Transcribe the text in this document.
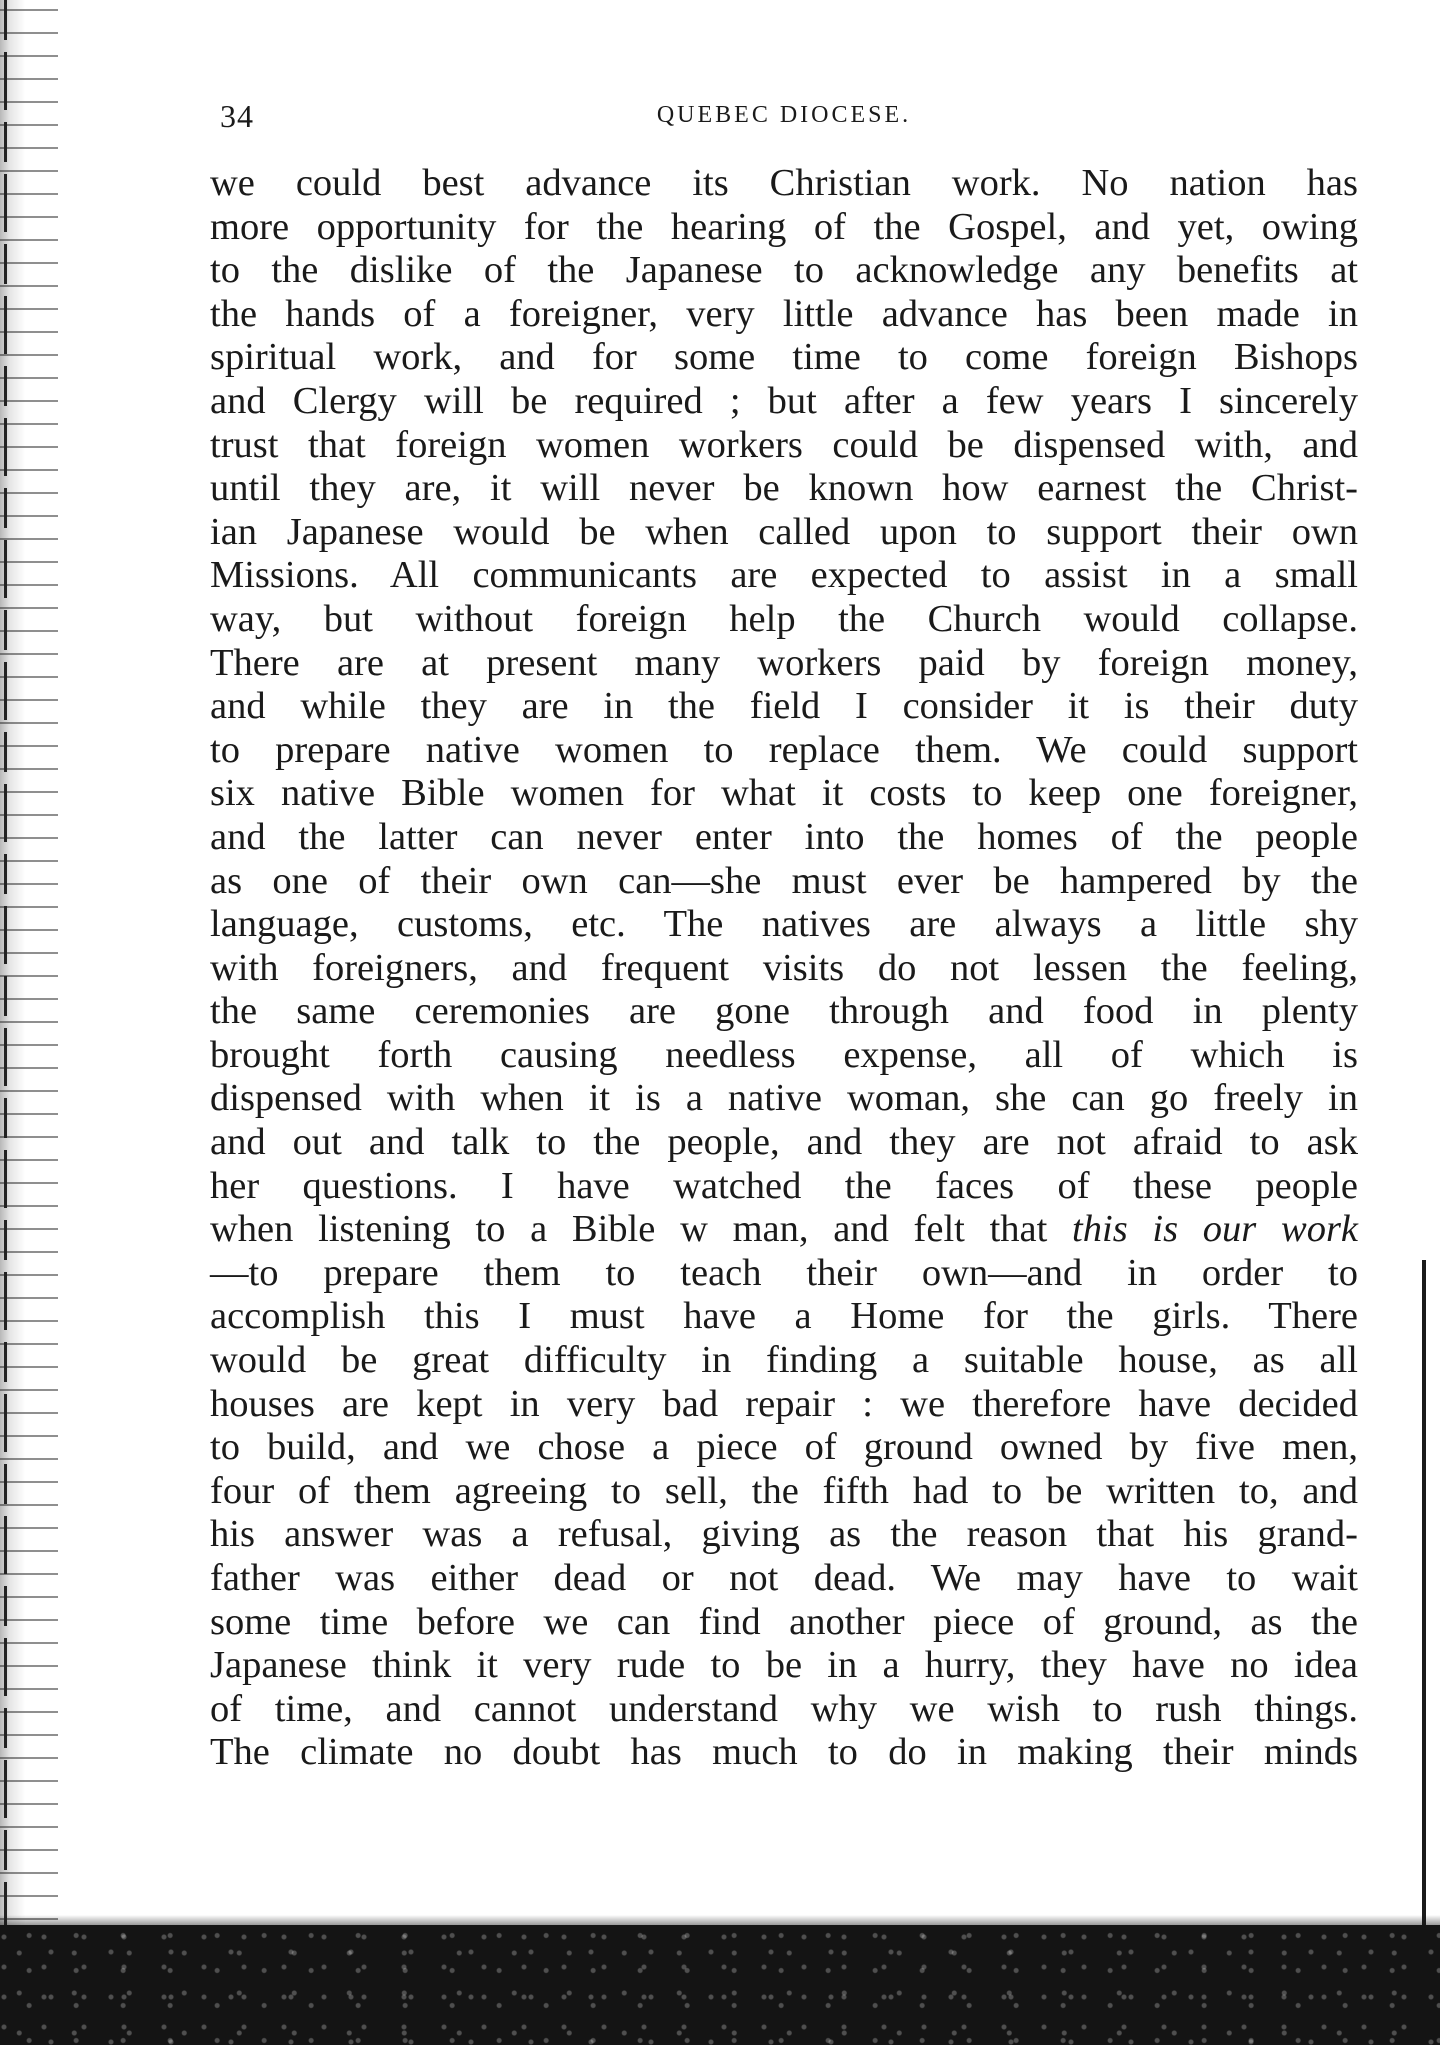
34	QUEBEC DIOCESE.
we could best advance its Christian work. No nation has
more opportunity for the hearing of the Gospel, and yet, owing
to the dislike of the Japanese to acknowledge any benefits at
the hands of a foreigner, very little advance has been made in
spiritual work, and for some time to come foreign Bishops
and Clergy will be required ; but after a few years I sincerely
trust that foreign women workers could be dispensed with, and
until they are, it will never be known how earnest the Christ-
ian Japanese would be when called upon to support their own
Missions. All communicants are expected to assist in a small
way, but without foreign help the Church would collapse.
There are at present many workers paid by foreign money,
and while they are in the field I consider it is their duty
to prepare native women to replace them. We could support
six native Bible women for what it costs to keep one foreigner,
and the latter can never enter into the homes of the people
as one of their own can—she must ever be hampered by the
language, customs, etc. The natives are always a little shy
with foreigners, and frequent visits do not lessen the feeling,
the same ceremonies are gone through and food in plenty
brought forth causing needless expense, all of which is
dispensed with when it is a native woman, she can go freely in
and out and talk to the people, and they are not afraid to ask
her questions. I have watched the faces of these people
when listening to a Bible w man, and felt that this is our work
—to prepare them to teach their own—and in order to
accomplish this I must have a Home for the girls. There
would be great difficulty in finding a suitable house, as all
houses are kept in very bad repair : we therefore have decided
to build, and we chose a piece of ground owned by five men,
four of them agreeing to sell, the fifth had to be written to, and
his answer was a refusal, giving as the reason that his grand-
father was either dead or not dead. We may have to wait
some time before we can find another piece of ground, as the
Japanese think it very rude to be in a hurry, they have no idea
of time, and cannot understand why we wish to rush things.
The climate no doubt has much to do in making their minds
